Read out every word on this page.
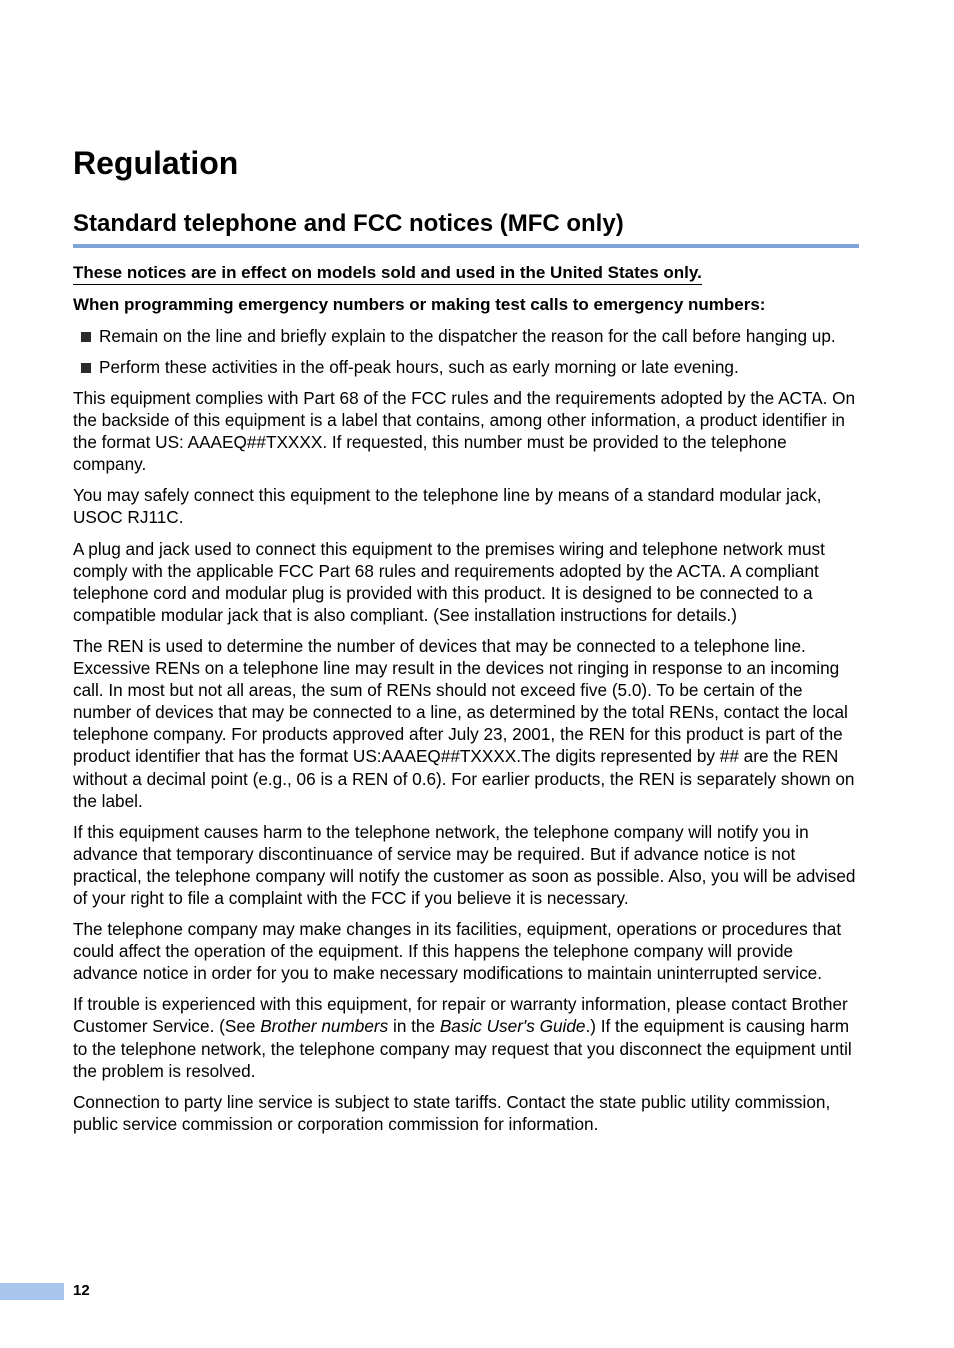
Regulation
Standard telephone and FCC notices (MFC only)
These notices are in effect on models sold and used in the United States only.
When programming emergency numbers or making test calls to emergency numbers:
Remain on the line and briefly explain to the dispatcher the reason for the call before hanging up.
Perform these activities in the off-peak hours, such as early morning or late evening.

This equipment complies with Part 68 of the FCC rules and the requirements adopted by the ACTA. On the backside of this equipment is a label that contains, among other information, a product identifier in the format US: AAAEQ##TXXXX. If requested, this number must be provided to the telephone company.

You may safely connect this equipment to the telephone line by means of a standard modular jack, USOC RJ11C.

A plug and jack used to connect this equipment to the premises wiring and telephone network must comply with the applicable FCC Part 68 rules and requirements adopted by the ACTA. A compliant telephone cord and modular plug is provided with this product. It is designed to be connected to a compatible modular jack that is also compliant. (See installation instructions for details.)

The REN is used to determine the number of devices that may be connected to a telephone line. Excessive RENs on a telephone line may result in the devices not ringing in response to an incoming call. In most but not all areas, the sum of RENs should not exceed five (5.0). To be certain of the number of devices that may be connected to a line, as determined by the total RENs, contact the local telephone company. For products approved after July 23, 2001, the REN for this product is part of the product identifier that has the format US:AAAEQ##TXXXX.The digits represented by ## are the REN without a decimal point (e.g., 06 is a REN of 0.6). For earlier products, the REN is separately shown on the label.

If this equipment causes harm to the telephone network, the telephone company will notify you in advance that temporary discontinuance of service may be required. But if advance notice is not practical, the telephone company will notify the customer as soon as possible. Also, you will be advised of your right to file a complaint with the FCC if you believe it is necessary.

The telephone company may make changes in its facilities, equipment, operations or procedures that could affect the operation of the equipment. If this happens the telephone company will provide advance notice in order for you to make necessary modifications to maintain uninterrupted service.

If trouble is experienced with this equipment, for repair or warranty information, please contact Brother Customer Service. (See Brother numbers in the Basic User's Guide.) If the equipment is causing harm to the telephone network, the telephone company may request that you disconnect the equipment until the problem is resolved.

Connection to party line service is subject to state tariffs. Contact the state public utility commission, public service commission or corporation commission for information.

12
